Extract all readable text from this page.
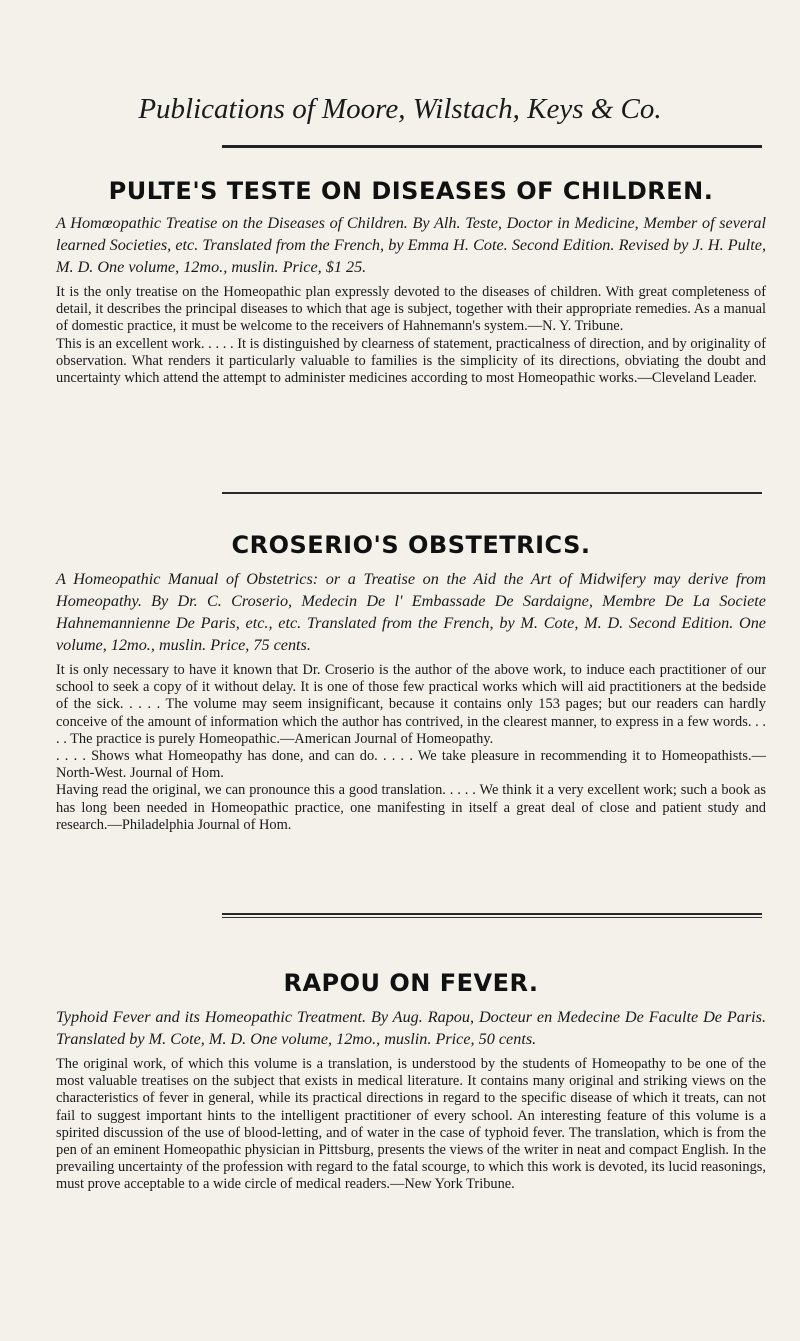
Publications of Moore, Wilstach, Keys & Co.
PULTE'S TESTE ON DISEASES OF CHILDREN.

A Homœopathic Treatise on the Diseases of Children. By Alh. Teste, Doctor in Medicine, Member of several learned Societies, etc. Translated from the French, by Emma H. Cote. Second Edition. Revised by J. H. Pulte, M. D. One volume, 12mo., muslin. Price, $1 25.

It is the only treatise on the Homeopathic plan expressly devoted to the diseases of children. With great completeness of detail, it describes the principal diseases to which that age is subject, together with their appropriate remedies. As a manual of domestic practice, it must be welcome to the receivers of Hahnemann's system.—N. Y. Tribune.

This is an excellent work. . . . . It is distinguished by clearness of statement, practicalness of direction, and by originality of observation. What renders it particularly valuable to families is the simplicity of its directions, obviating the doubt and uncertainty which attend the attempt to administer medicines according to most Homeopathic works.—Cleveland Leader.

CROSERIO'S OBSTETRICS.

A Homeopathic Manual of Obstetrics: or a Treatise on the Aid the Art of Midwifery may derive from Homeopathy. By Dr. C. Croserio, Medecin De l' Embassade De Sardaigne, Membre De La Societe Hahnemannienne De Paris, etc., etc. Translated from the French, by M. Cote, M. D. Second Edition. One volume, 12mo., muslin. Price, 75 cents.

It is only necessary to have it known that Dr. Croserio is the author of the above work, to induce each practitioner of our school to seek a copy of it without delay. It is one of those few practical works which will aid practitioners at the bedside of the sick. . . . . The volume may seem insignificant, because it contains only 153 pages; but our readers can hardly conceive of the amount of information which the author has contrived, in the clearest manner, to express in a few words. . . . . The practice is purely Homeopathic.—American Journal of Homeopathy.

. . . . Shows what Homeopathy has done, and can do. . . . . We take pleasure in recommending it to Homeopathists.—North-West. Journal of Hom.

Having read the original, we can pronounce this a good translation. . . . . We think it a very excellent work; such a book as has long been needed in Homeopathic practice, one manifesting in itself a great deal of close and patient study and research.—Philadelphia Journal of Hom.

RAPOU ON FEVER.

Typhoid Fever and its Homeopathic Treatment. By Aug. Rapou, Docteur en Medecine De Faculte De Paris. Translated by M. Cote, M. D. One volume, 12mo., muslin. Price, 50 cents.

The original work, of which this volume is a translation, is understood by the students of Homeopathy to be one of the most valuable treatises on the subject that exists in medical literature. It contains many original and striking views on the characteristics of fever in general, while its practical directions in regard to the specific disease of which it treats, can not fail to suggest important hints to the intelligent practitioner of every school. An interesting feature of this volume is a spirited discussion of the use of blood-letting, and of water in the case of typhoid fever. The translation, which is from the pen of an eminent Homeopathic physician in Pittsburg, presents the views of the writer in neat and compact English. In the prevailing uncertainty of the profession with regard to the fatal scourge, to which this work is devoted, its lucid reasonings, must prove acceptable to a wide circle of medical readers.—New York Tribune.
